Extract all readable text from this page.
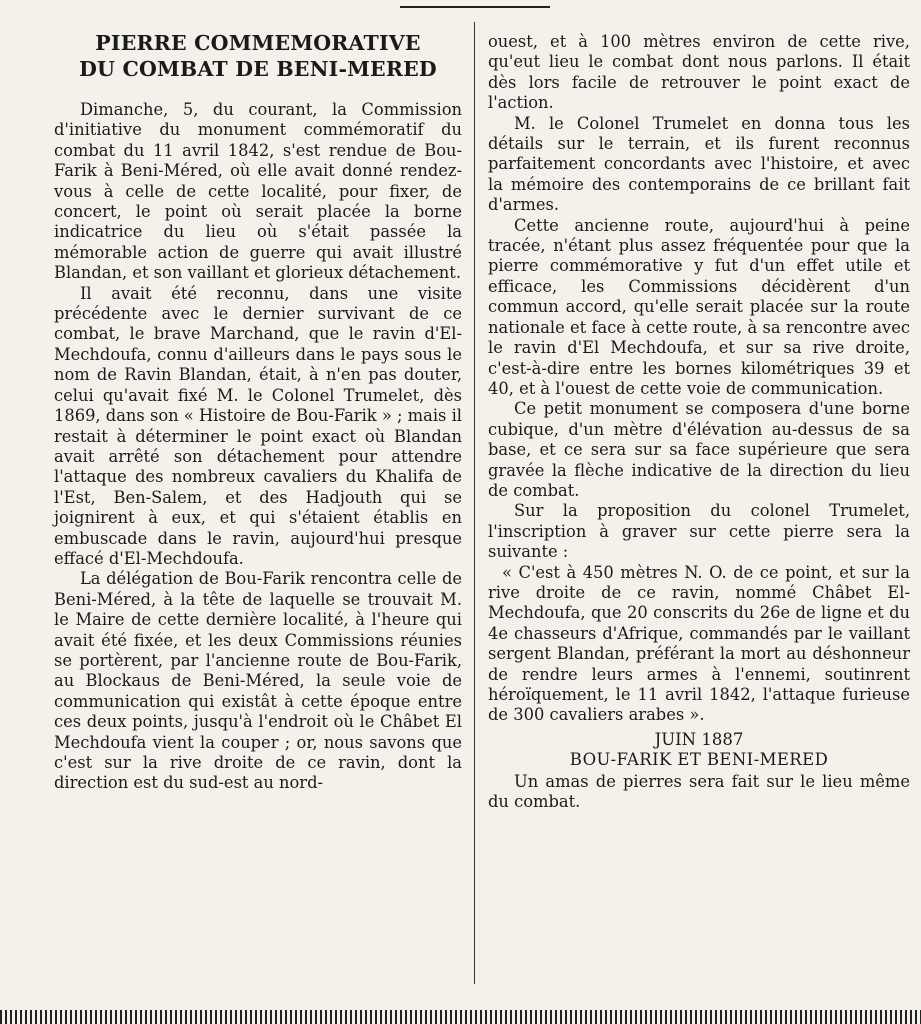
PIERRE COMMEMORATIVE
DU COMBAT DE BENI-MERED

Dimanche, 5, du courant, la Commission d'initiative du monument commémoratif du combat du 11 avril 1842, s'est rendue de Bou-Farik à Beni-Méred, où elle avait donné rendez-vous à celle de cette localité, pour fixer, de concert, le point où serait placée la borne indicatrice du lieu où s'était passée la mémorable action de guerre qui avait illustré Blandan, et son vaillant et glorieux détachement.

Il avait été reconnu, dans une visite précédente avec le dernier survivant de ce combat, le brave Marchand, que le ravin d'El-Mechdoufa, connu d'ailleurs dans le pays sous le nom de Ravin Blandan, était, à n'en pas douter, celui qu'avait fixé M. le Colonel Trumelet, dès 1869, dans son « Histoire de Bou-Farik » ; mais il restait à déterminer le point exact où Blandan avait arrêté son détachement pour attendre l'attaque des nombreux cavaliers du Khalifa de l'Est, Ben-Salem, et des Hadjouth qui se joignirent à eux, et qui s'étaient établis en embuscade dans le ravin, aujourd'hui presque effacé d'El-Mechdoufa.

La délégation de Bou-Farik rencontra celle de Beni-Méred, à la tête de laquelle se trouvait M. le Maire de cette dernière localité, à l'heure qui avait été fixée, et les deux Commissions réunies se portèrent, par l'ancienne route de Bou-Farik, au Blockaus de Beni-Méred, la seule voie de communication qui existât à cette époque entre ces deux points, jusqu'à l'endroit où le Châbet El Mechdoufa vient la couper ; or, nous savons que c'est sur la rive droite de ce ravin, dont la direction est du sud-est au nord-

ouest, et à 100 mètres environ de cette rive, qu'eut lieu le combat dont nous parlons. Il était dès lors facile de retrouver le point exact de l'action.

M. le Colonel Trumelet en donna tous les détails sur le terrain, et ils furent reconnus parfaitement concordants avec l'histoire, et avec la mémoire des contemporains de ce brillant fait d'armes.

Cette ancienne route, aujourd'hui à peine tracée, n'étant plus assez fréquentée pour que la pierre commémorative y fut d'un effet utile et efficace, les Commissions décidèrent d'un commun accord, qu'elle serait placée sur la route nationale et face à cette route, à sa rencontre avec le ravin d'El Mechdoufa, et sur sa rive droite, c'est-à-dire entre les bornes kilométriques 39 et 40, et à l'ouest de cette voie de communication.

Ce petit monument se composera d'une borne cubique, d'un mètre d'élévation au-dessus de sa base, et ce sera sur sa face supérieure que sera gravée la flèche indicative de la direction du lieu de combat.

Sur la proposition du colonel Trumelet, l'inscription à graver sur cette pierre sera la suivante :

« C'est à 450 mètres N. O. de ce point, et sur la rive droite de ce ravin, nommé Châbet El-Mechdoufa, que 20 conscrits du 26e de ligne et du 4e chasseurs d'Afrique, commandés par le vaillant sergent Blandan, préférant la mort au déshonneur de rendre leurs armes à l'ennemi, soutinrent héroïquement, le 11 avril 1842, l'attaque furieuse de 300 cavaliers arabes ».

JUIN 1887

BOU-FARIK ET BENI-MERED

Un amas de pierres sera fait sur le lieu même du combat.
